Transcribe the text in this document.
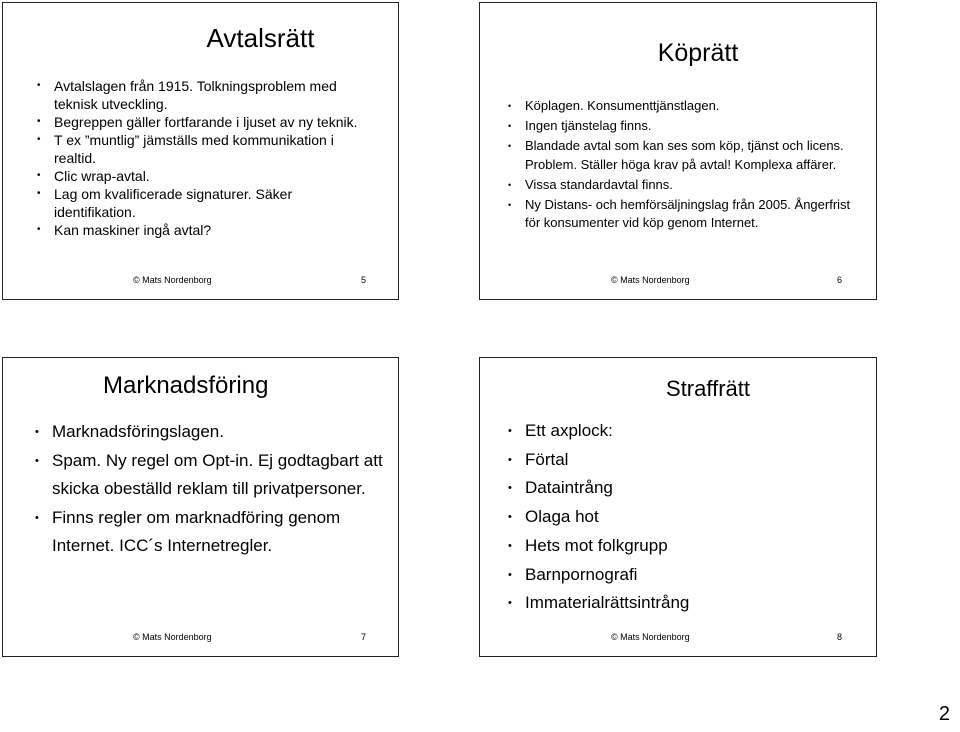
Avtalsrätt
• Avtalslagen från 1915. Tolkningsproblem med teknisk utveckling.
• Begreppen gäller fortfarande i ljuset av ny teknik.
• T ex ”muntlig” jämställs med kommunikation i realtid.
• Clic wrap-avtal.
• Lag om kvalificerade signaturer. Säker identifikation.
• Kan maskiner ingå avtal?
© Mats Nordenborg	5
Köprätt
• Köplagen. Konsumenttjänstlagen.
• Ingen tjänstelag finns.
• Blandade avtal som kan ses som köp, tjänst och licens. Problem. Ställer höga krav på avtal! Komplexa affärer.
• Vissa standardavtal finns.
• Ny Distans- och hemförsäljningslag från 2005. Ångerfrist för konsumenter vid köp genom Internet.
© Mats Nordenborg	6
Marknadsföring
• Marknadsföringslagen.
• Spam. Ny regel om Opt-in. Ej godtagbart att skicka obeställd reklam till privatpersoner.
• Finns regler om marknadföring genom Internet. ICC´s Internetregler.
© Mats Nordenborg	7
Straffrätt
• Ett axplock:
• Förtal
• Dataintrång
• Olaga hot
• Hets mot folkgrupp
• Barnpornografi
• Immaterialrättsintrång
© Mats Nordenborg	8
2
